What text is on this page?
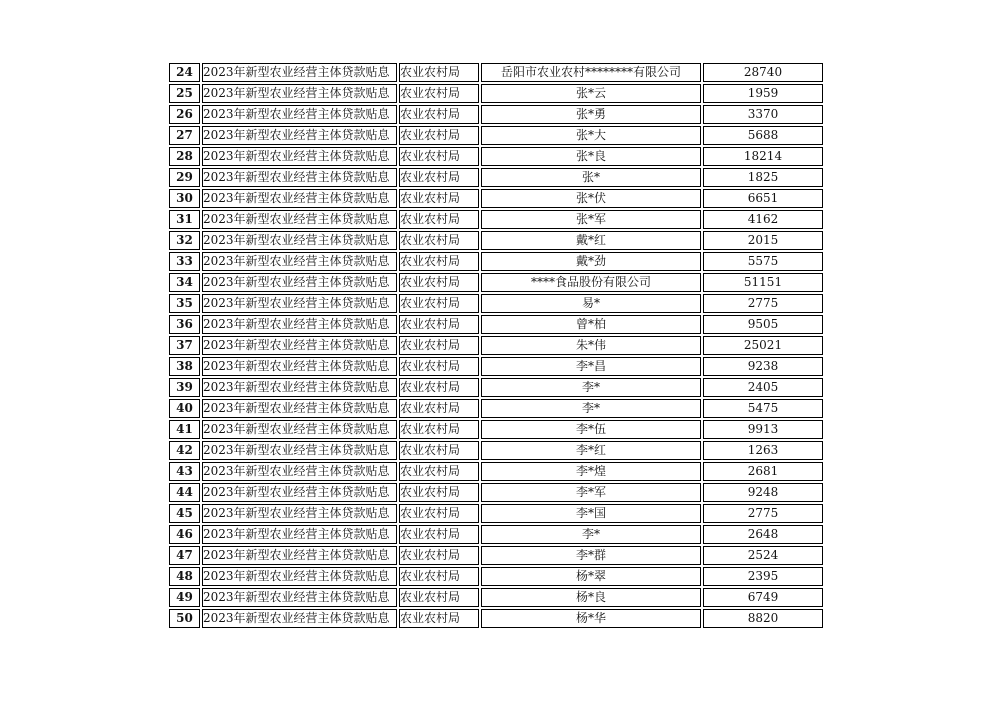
24	2023年新型农业经营主体贷款贴息	农业农村局	岳阳市农业农村********有限公司	28740
25	2023年新型农业经营主体贷款贴息	农业农村局	张*云	1959
26	2023年新型农业经营主体贷款贴息	农业农村局	张*勇	3370
27	2023年新型农业经营主体贷款贴息	农业农村局	张*大	5688
28	2023年新型农业经营主体贷款贴息	农业农村局	张*良	18214
29	2023年新型农业经营主体贷款贴息	农业农村局	张*	1825
30	2023年新型农业经营主体贷款贴息	农业农村局	张*伏	6651
31	2023年新型农业经营主体贷款贴息	农业农村局	张*军	4162
32	2023年新型农业经营主体贷款贴息	农业农村局	戴*红	2015
33	2023年新型农业经营主体贷款贴息	农业农村局	戴*劲	5575
34	2023年新型农业经营主体贷款贴息	农业农村局	****食品股份有限公司	51151
35	2023年新型农业经营主体贷款贴息	农业农村局	易*	2775
36	2023年新型农业经营主体贷款贴息	农业农村局	曾*柏	9505
37	2023年新型农业经营主体贷款贴息	农业农村局	朱*伟	25021
38	2023年新型农业经营主体贷款贴息	农业农村局	李*昌	9238
39	2023年新型农业经营主体贷款贴息	农业农村局	李*	2405
40	2023年新型农业经营主体贷款贴息	农业农村局	李*	5475
41	2023年新型农业经营主体贷款贴息	农业农村局	李*伍	9913
42	2023年新型农业经营主体贷款贴息	农业农村局	李*红	1263
43	2023年新型农业经营主体贷款贴息	农业农村局	李*煌	2681
44	2023年新型农业经营主体贷款贴息	农业农村局	李*军	9248
45	2023年新型农业经营主体贷款贴息	农业农村局	李*国	2775
46	2023年新型农业经营主体贷款贴息	农业农村局	李*	2648
47	2023年新型农业经营主体贷款贴息	农业农村局	李*群	2524
48	2023年新型农业经营主体贷款贴息	农业农村局	杨*翠	2395
49	2023年新型农业经营主体贷款贴息	农业农村局	杨*良	6749
50	2023年新型农业经营主体贷款贴息	农业农村局	杨*华	8820
